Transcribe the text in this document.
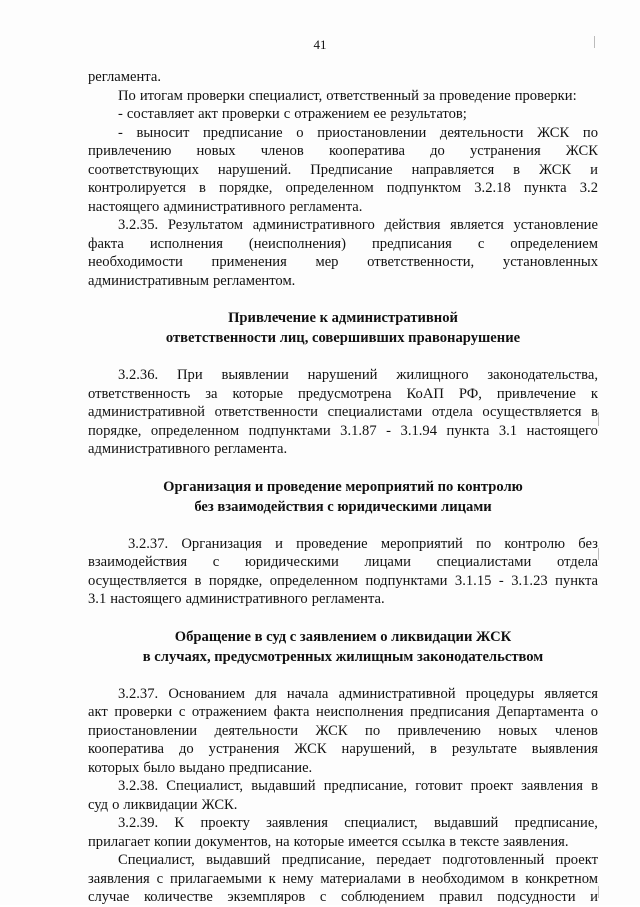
41
регламента.
По итогам проверки специалист, ответственный за проведение проверки:
- составляет акт проверки с отражением ее результатов;
- выносит предписание о приостановлении деятельности ЖСК по
привлечению новых членов кооператива до устранения ЖСК
соответствующих нарушений. Предписание направляется в ЖСК и
контролируется в порядке, определенном подпунктом 3.2.18 пункта 3.2
настоящего административного регламента.
3.2.35. Результатом административного действия является установление
факта исполнения (неисполнения) предписания с определением
необходимости применения мер ответственности, установленных
административным регламентом.
Привлечение к административной
ответственности лиц, совершивших правонарушение
3.2.36. При выявлении нарушений жилищного законодательства,
ответственность за которые предусмотрена КоАП РФ, привлечение к
административной ответственности специалистами отдела осуществляется в
порядке, определенном подпунктами 3.1.87 - 3.1.94 пункта 3.1 настоящего
административного регламента.
Организация и проведение мероприятий по контролю
без взаимодействия с юридическими лицами
3.2.37. Организация и проведение мероприятий по контролю без
взаимодействия с юридическими лицами специалистами отдела
осуществляется в порядке, определенном подпунктами 3.1.15 - 3.1.23 пункта
3.1 настоящего административного регламента.
Обращение в суд с заявлением о ликвидации ЖСК
в случаях, предусмотренных жилищным законодательством
3.2.37. Основанием для начала административной процедуры является
акт проверки с отражением факта неисполнения предписания Департамента о
приостановлении деятельности ЖСК по привлечению новых членов
кооператива до устранения ЖСК нарушений, в результате выявления
которых было выдано предписание.
3.2.38. Специалист, выдавший предписание, готовит проект заявления в
суд о ликвидации ЖСК.
3.2.39. К проекту заявления специалист, выдавший предписание,
прилагает копии документов, на которые имеется ссылка в тексте заявления.
Специалист, выдавший предписание, передает подготовленный проект
заявления с прилагаемыми к нему материалами в необходимом в конкретном
случае количестве экземпляров с соблюдением правил подсудности и
